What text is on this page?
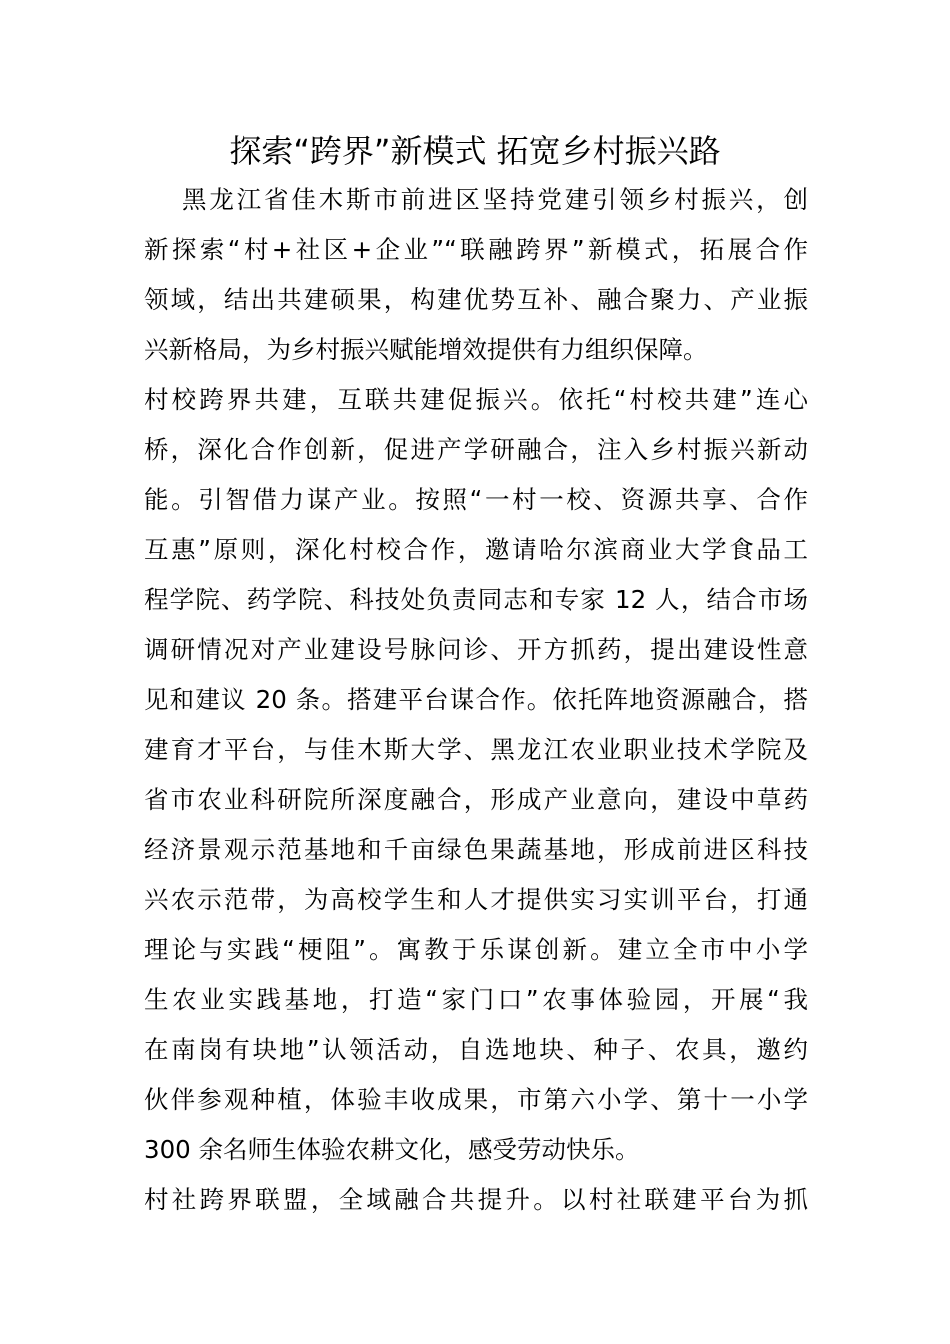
探索“跨界”新模式 拓宽乡村振兴路
　 黑龙江省佳木斯市前进区坚持党建引领乡村振兴，创
新探索“村+社区+企业”“联融跨界”新模式，拓展合作
领域，结出共建硕果，构建优势互补、融合聚力、产业振
兴新格局，为乡村振兴赋能增效提供有力组织保障。
村校跨界共建，互联共建促振兴。依托“村校共建”连心
桥，深化合作创新，促进产学研融合，注入乡村振兴新动
能。引智借力谋产业。按照“一村一校、资源共享、合作
互惠”原则，深化村校合作，邀请哈尔滨商业大学食品工
程学院、药学院、科技处负责同志和专家 12 人，结合市场
调研情况对产业建设号脉问诊、开方抓药，提出建设性意
见和建议 20 条。搭建平台谋合作。依托阵地资源融合，搭
建育才平台，与佳木斯大学、黑龙江农业职业技术学院及
省市农业科研院所深度融合，形成产业意向，建设中草药
经济景观示范基地和千亩绿色果蔬基地，形成前进区科技
兴农示范带，为高校学生和人才提供实习实训平台，打通
理论与实践“梗阻”。寓教于乐谋创新。建立全市中小学
生农业实践基地，打造“家门口”农事体验园，开展“我
在南岗有块地”认领活动，自选地块、种子、农具，邀约
伙伴参观种植，体验丰收成果，市第六小学、第十一小学
300 余名师生体验农耕文化，感受劳动快乐。
村社跨界联盟，全域融合共提升。以村社联建平台为抓
